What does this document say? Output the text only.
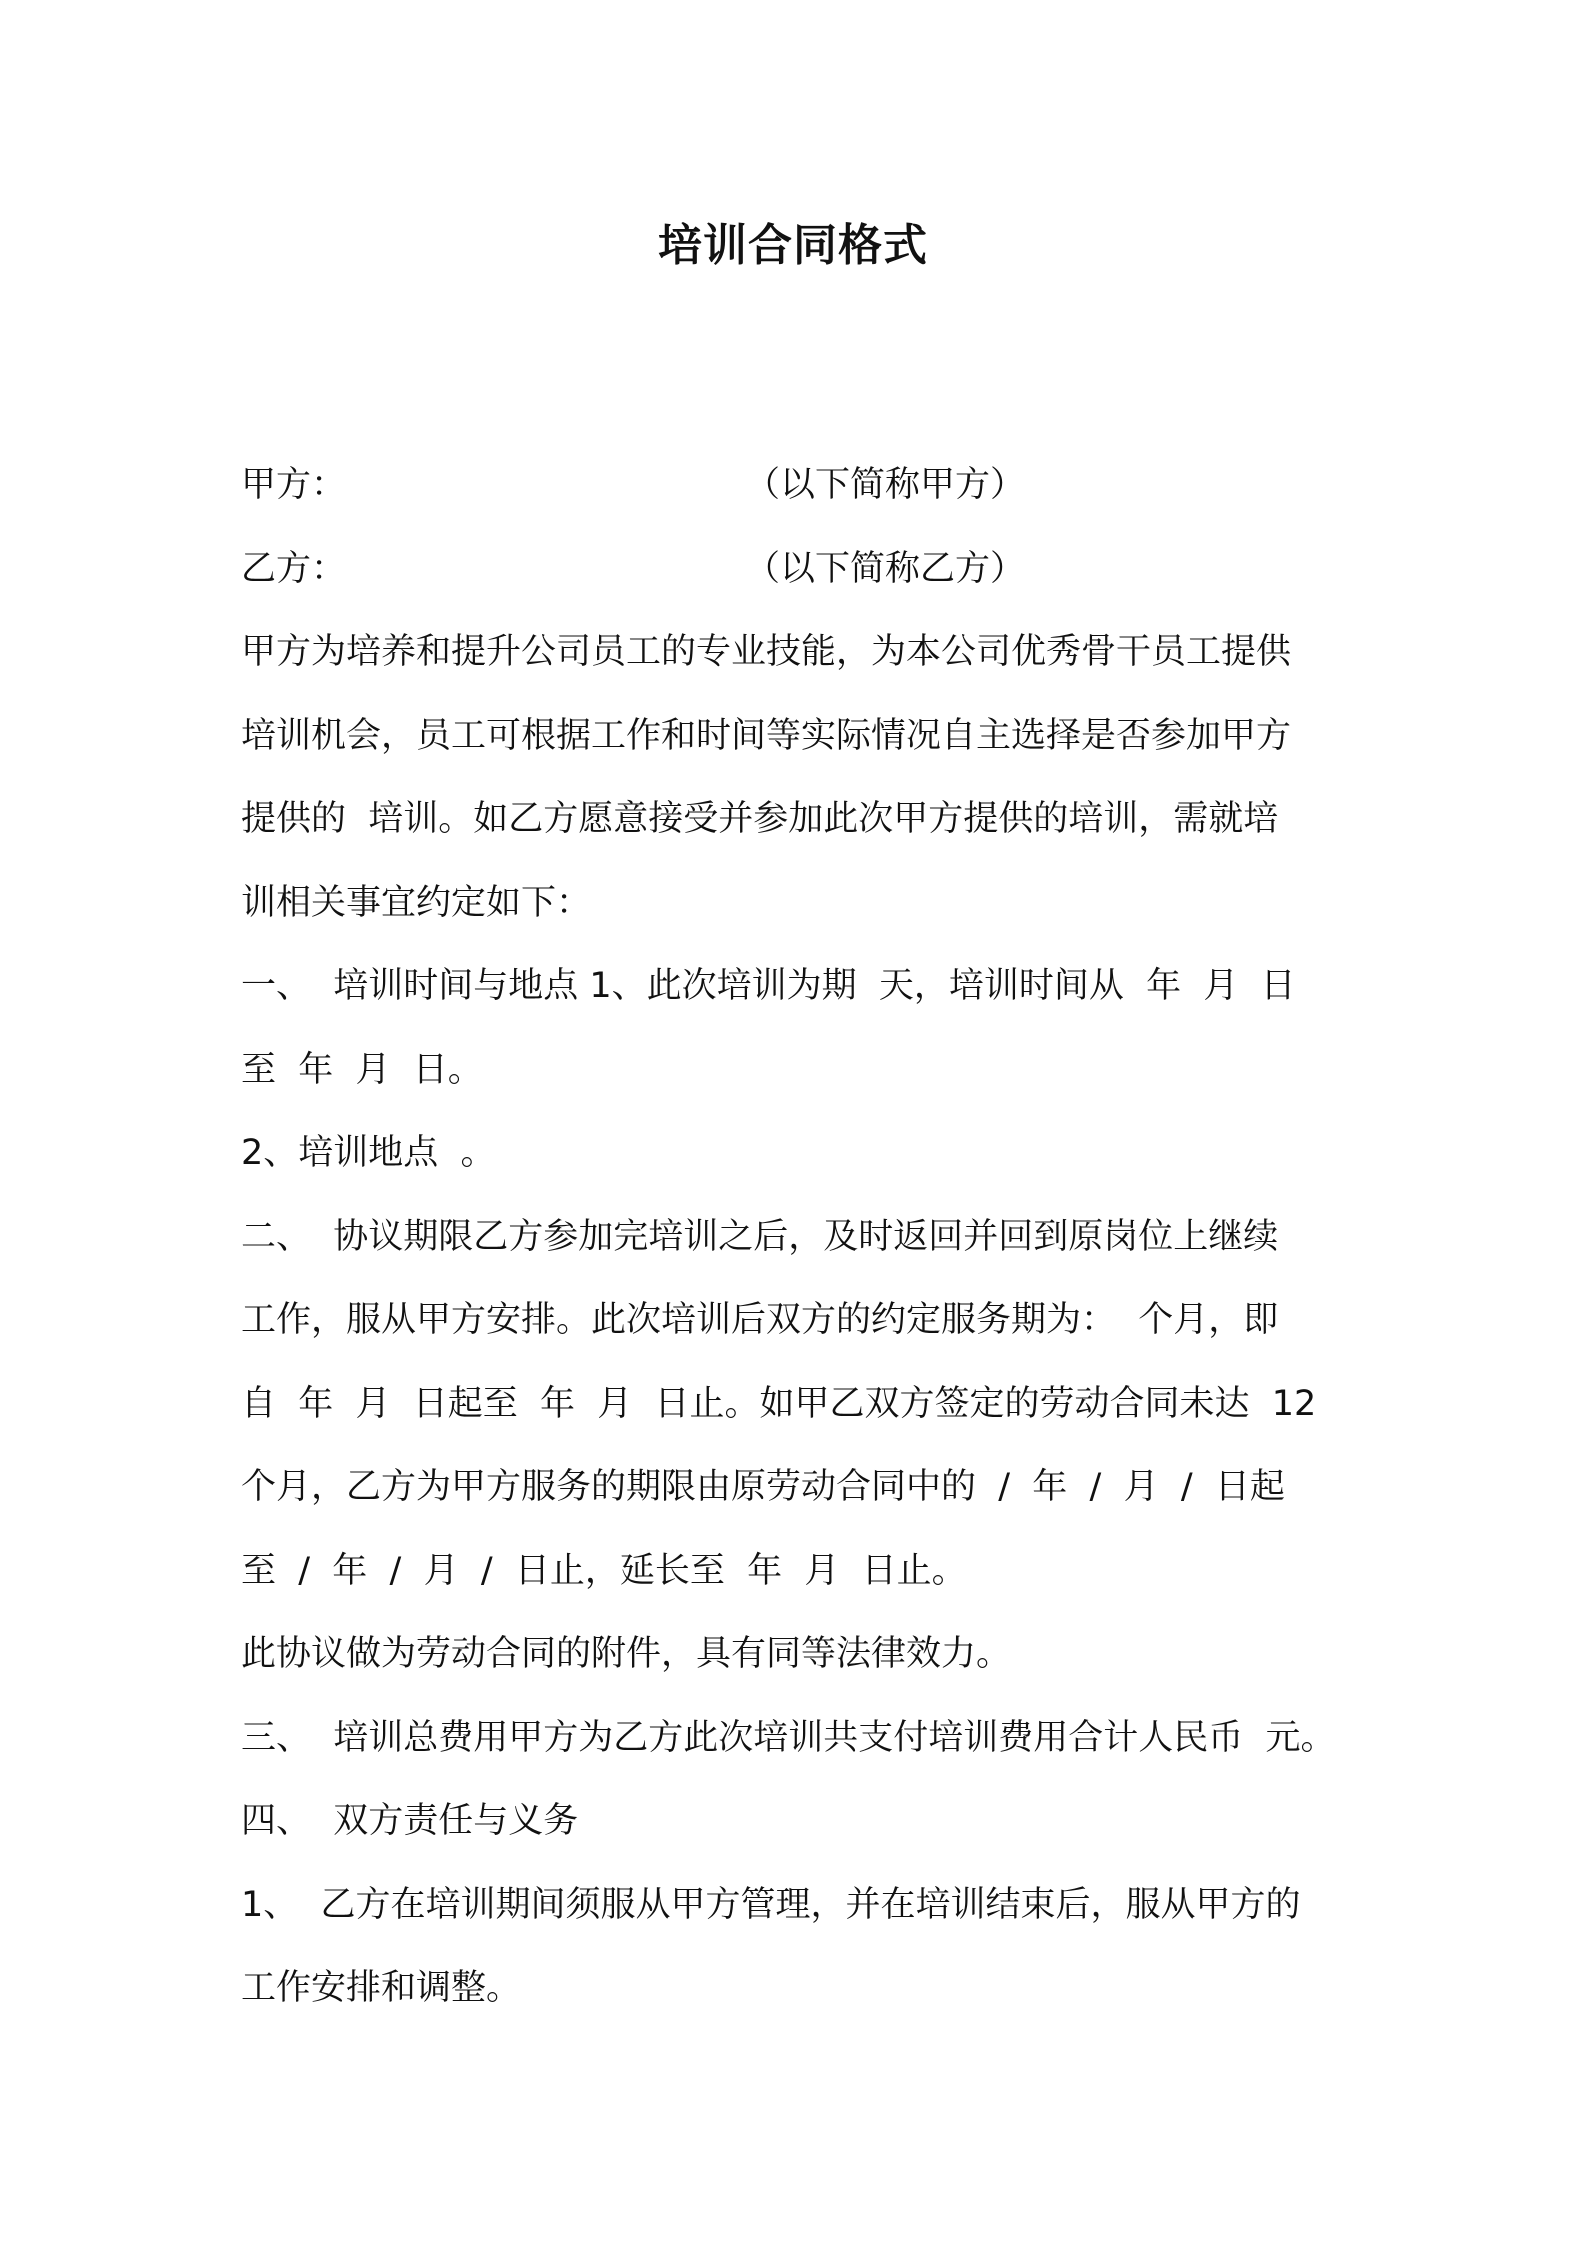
培训合同格式
甲方：	（以下简称甲方）
乙方：	（以下简称乙方）
甲方为培养和提升公司员工的专业技能，为本公司优秀骨干员工提供
培训机会，员工可根据工作和时间等实际情况自主选择是否参加甲方
提供的  培训。如乙方愿意接受并参加此次甲方提供的培训，需就培
训相关事宜约定如下：
一、  培训时间与地点 1、此次培训为期  天，培训时间从  年  月  日
至  年  月  日。
2、培训地点  。
二、  协议期限乙方参加完培训之后，及时返回并回到原岗位上继续
工作，服从甲方安排。此次培训后双方的约定服务期为：  个月，即
自  年  月  日起至  年  月  日止。如甲乙双方签定的劳动合同未达  12
个月，乙方为甲方服务的期限由原劳动合同中的  /  年  /  月  /  日起
至  /  年  /  月  /  日止，延长至  年  月  日止。
此协议做为劳动合同的附件，具有同等法律效力。
三、  培训总费用甲方为乙方此次培训共支付培训费用合计人民币  元。
四、  双方责任与义务
1、  乙方在培训期间须服从甲方管理，并在培训结束后，服从甲方的
工作安排和调整。
